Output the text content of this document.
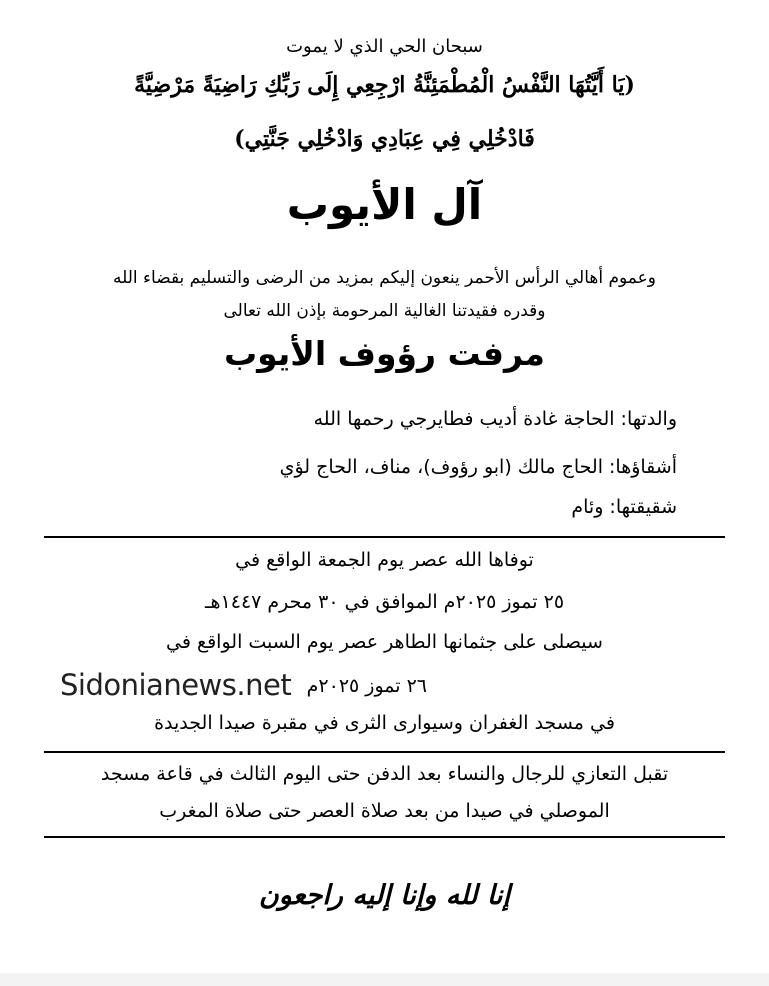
سبحان الحي الذي لا يموت
(يَا أَيَّتُهَا النَّفْسُ الْمُطْمَئِنَّةُ ارْجِعِي إِلَى رَبِّكِ رَاضِيَةً مَرْضِيَّةً
فَادْخُلِي فِي عِبَادِي وَادْخُلِي جَنَّتِي)
آل الأيوب
وعموم أهالي الرأس الأحمر ينعون إليكم بمزيد من الرضى والتسليم بقضاء الله
وقدره فقيدتنا الغالية المرحومة بإذن الله تعالى
مرفت رؤوف الأيوب
والدتها: الحاجة غادة أديب فطايرجي رحمها الله
أشقاؤها: الحاج مالك (ابو رؤوف)، مناف، الحاج لؤي
شقيقتها: وئام
توفاها الله عصر يوم الجمعة الواقع في
٢٥ تموز ٢٠٢٥م الموافق في ٣٠ محرم ١٤٤٧هـ
سيصلى على جثمانها الطاهر عصر يوم السبت الواقع في
٢٦ تموز ٢٠٢٥م
في مسجد الغفران وسيوارى الثرى في مقبرة صيدا الجديدة
Sidonianews.net
تقبل التعازي للرجال والنساء بعد الدفن حتى اليوم الثالث في قاعة مسجد
الموصلي في صيدا من بعد صلاة العصر حتى صلاة المغرب
إنا لله وإنا إليه راجعون
